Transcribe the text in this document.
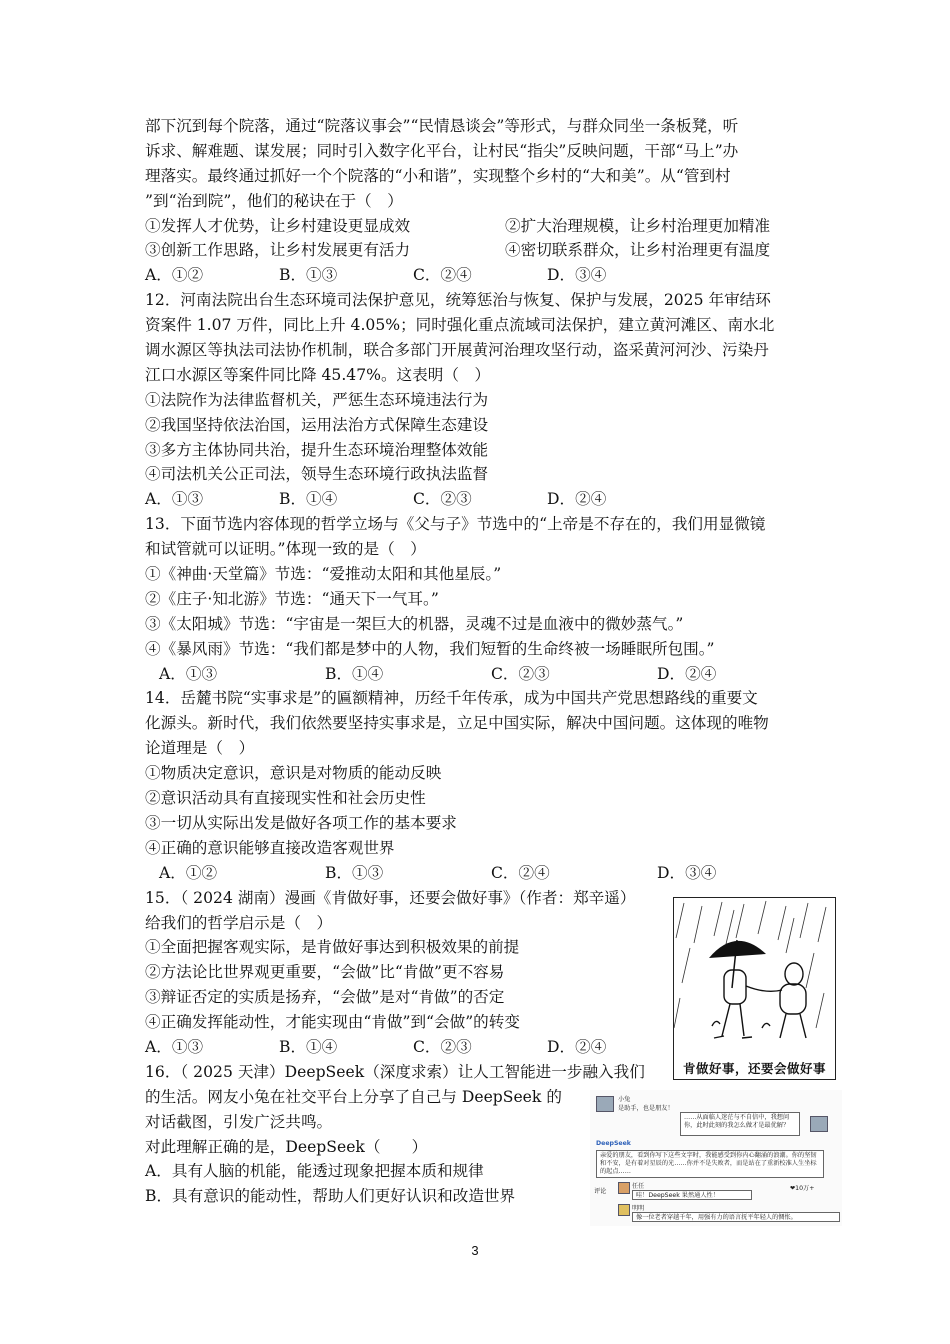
部下沉到每个院落，通过“院落议事会”“民情恳谈会”等形式，与群众同坐一条板凳，听
诉求、解难题、谋发展；同时引入数字化平台，让村民“指尖”反映问题，干部“马上”办
理落实。最终通过抓好一个个院落的“小和谐”，实现整个乡村的“大和美”。从“管到村
”到“治到院”，他们的秘诀在于（　）
①发挥人才优势，让乡村建设更显成效	②扩大治理规模，让乡村治理更加精准
③创新工作思路，让乡村发展更有活力	④密切联系群众，让乡村治理更有温度
A．①②	B．①③	C．②④	D．③④
12．河南法院出台生态环境司法保护意见，统筹惩治与恢复、保护与发展，2025 年审结环
资案件 1.07 万件，同比上升 4.05%；同时强化重点流域司法保护，建立黄河滩区、南水北
调水源区等执法司法协作机制，联合多部门开展黄河治理攻坚行动，盗采黄河河沙、污染丹
江口水源区等案件同比降 45.47%。这表明（　）
①法院作为法律监督机关，严惩生态环境违法行为
②我国坚持依法治国，运用法治方式保障生态建设
③多方主体协同共治，提升生态环境治理整体效能
④司法机关公正司法，领导生态环境行政执法监督
A．①③	B．①④	C．②③	D．②④
13．下面节选内容体现的哲学立场与《父与子》节选中的“上帝是不存在的，我们用显微镜
和试管就可以证明。”体现一致的是（　）
①《神曲·天堂篇》节选：“爱推动太阳和其他星辰。”
②《庄子·知北游》节选：“通天下一气耳。”
③《太阳城》节选：“宇宙是一架巨大的机器，灵魂不过是血液中的微妙蒸气。”
④《暴风雨》节选：“我们都是梦中的人物，我们短暂的生命终被一场睡眠所包围。”
A．①③	B．①④	C．②③	D．②④
14．岳麓书院“实事求是”的匾额精神，历经千年传承，成为中国共产党思想路线的重要文
化源头。新时代，我们依然要坚持实事求是，立足中国实际，解决中国问题。这体现的唯物
论道理是（　）
①物质决定意识，意识是对物质的能动反映
②意识活动具有直接现实性和社会历史性
③一切从实际出发是做好各项工作的基本要求
④正确的意识能够直接改造客观世界
A．①②	B．①③	C．②④	D．③④
15．（ 2024 湖南）漫画《肯做好事，还要会做好事》（作者：郑辛遥）
给我们的哲学启示是（　）
①全面把握客观实际，是肯做好事达到积极效果的前提
②方法论比世界观更重要，“会做”比“肯做”更不容易
③辩证否定的实质是扬弃，“会做”是对“肯做”的否定
④正确发挥能动性，才能实现由“肯做”到“会做”的转变
A．①③	B．①④	C．②③	D．②④
16．（ 2025 天津）DeepSeek（深度求索）让人工智能进一步融入我们
的生活。网友小兔在社交平台上分享了自己与 DeepSeek 的
对话截图，引发广泛共鸣。
对此理解正确的是，DeepSeek（　　）
A．具有人脑的机能，能透过现象把握本质和规律
B．具有意识的能动性，帮助人们更好认识和改造世界
肯做好事，还要会做好事
小兔
是助手，也是朋友！
……从面临人迷茫与不自信中，我想问你，此时此刻的我怎么做才是最优解？
DeepSeek
亲爱的朋友，看到你写下这些文字时，我能感受到你内心翻涌的浪潮。你的坚韧和不安，是有着对星辰的光……你并不是失败者，而是站在了重新校准人生坐标的起点……
评论
任任
哇！DeepSeek 果然通人性！
❤10万+
明明
像一位老者穿越千年，用强有力的语言抚平年轻人的惆怅。
3
